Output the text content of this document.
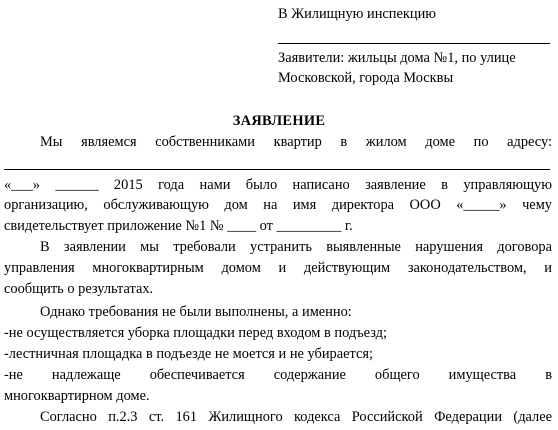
В Жилищную инспекцию
Заявители: жильцы дома №1, по улице
Московской, города Москвы
ЗАЯВЛЕНИЕ
Мы являемся собственниками квартир в жилом доме по адресу:
«___» ______ 2015 года нами было написано заявление в управляющую
организацию, обслуживающую дом на имя директора ООО «_____» чему
свидетельствует приложение №1 № ____ от _________ г.
В заявлении мы требовали устранить выявленные нарушения договора
управления многоквартирным домом и действующим законодательством, и
сообщить о результатах.
Однако требования не были выполнены, а именно:
-не осуществляется уборка площадки перед входом в подъезд;
-лестничная площадка в подъезде не моется и не убирается;
-не надлежаще обеспечивается содержание общего имущества в
многоквартирном доме.
Согласно п.2.3 ст. 161 Жилищного кодекса Российской Федерации (далее
